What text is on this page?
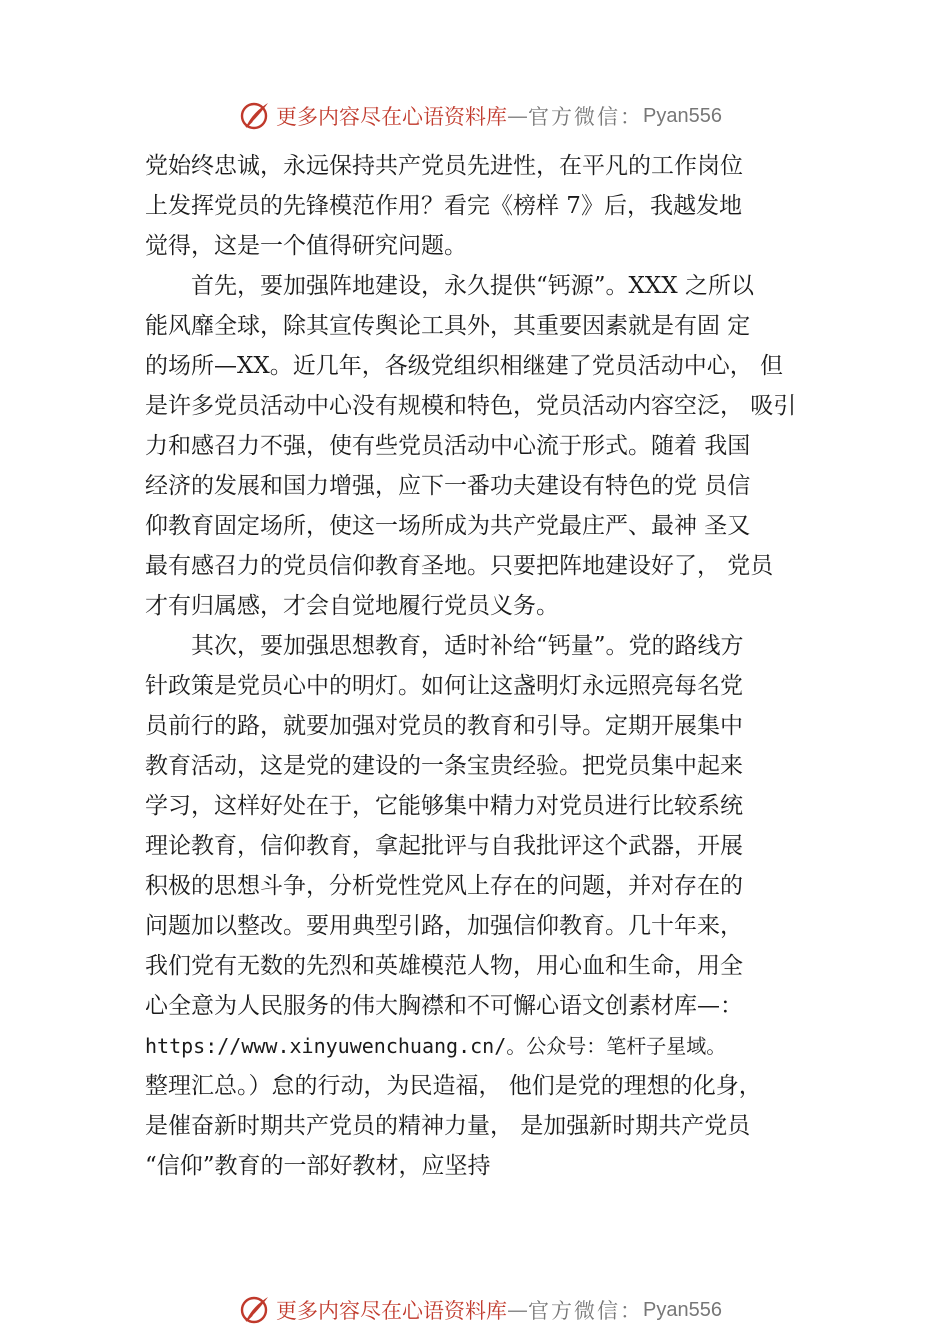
更多内容尽在心语资料库 — 官方微信： Pyan556
党始终忠诚，永远保持共产党员先进性，在平凡的工作岗位
上发挥党员的先锋模范作用？看完《榜样 7》后，我越发地
觉得，这是一个值得研究问题。
　　首先，要加强阵地建设，永久提供“钙源”。XXX 之所以
能风靡全球，除其宣传舆论工具外，其重要因素就是有固 定
的场所—XX。近几年，各级党组织相继建了党员活动中心， 但
是许多党员活动中心没有规模和特色，党员活动内容空泛， 吸引
力和感召力不强，使有些党员活动中心流于形式。随着 我国
经济的发展和国力增强，应下一番功夫建设有特色的党 员信
仰教育固定场所，使这一场所成为共产党最庄严、最神 圣又
最有感召力的党员信仰教育圣地。只要把阵地建设好了， 党员
才有归属感，才会自觉地履行党员义务。
　　其次，要加强思想教育，适时补给“钙量”。党的路线方
针政策是党员心中的明灯。如何让这盏明灯永远照亮每名党
员前行的路，就要加强对党员的教育和引导。定期开展集中
教育活动，这是党的建设的一条宝贵经验。把党员集中起来
学习，这样好处在于，它能够集中精力对党员进行比较系统
理论教育，信仰教育，拿起批评与自我批评这个武器，开展
积极的思想斗争，分析党性党风上存在的问题，并对存在的
问题加以整改。要用典型引路，加强信仰教育。几十年来，
我们党有无数的先烈和英雄模范人物，用心血和生命，用全
心全意为人民服务的伟大胸襟和不可懈心语文创素材库—：
https://www.xinyuwenchuang.cn/。公众号：笔杆子星域。
整理汇总。）怠的行动，为民造福， 他们是党的理想的化身，
是催奋新时期共产党员的精神力量， 是加强新时期共产党员
“信仰”教育的一部好教材，应坚持
更多内容尽在心语资料库 — 官方微信： Pyan556
